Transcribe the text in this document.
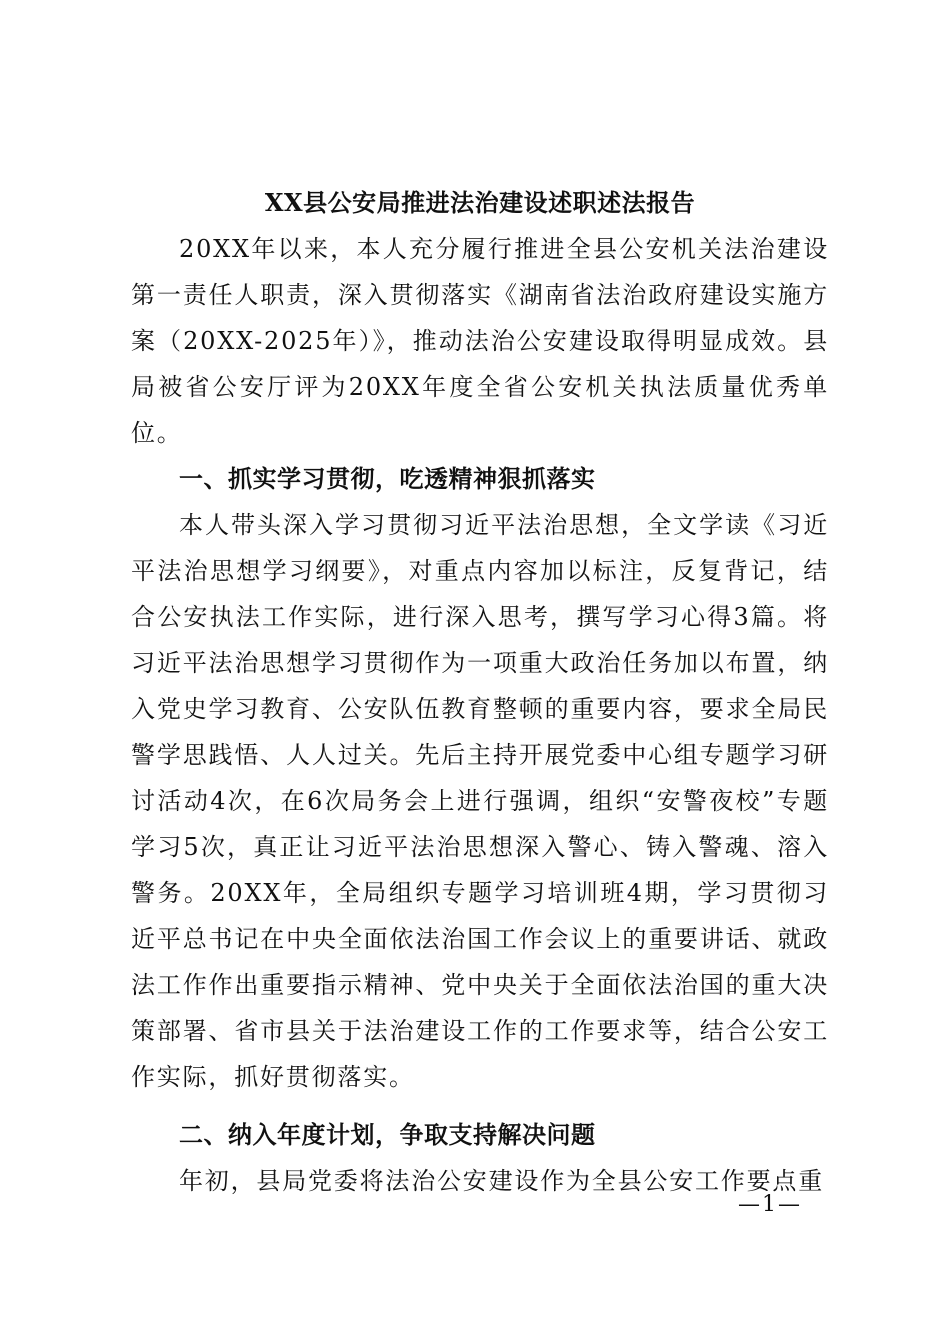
XX县公安局推进法治建设述职述法报告

20XX年以来，本人充分履行推进全县公安机关法治建设第一责任人职责，深入贯彻落实《湖南省法治政府建设实施方案（20XX-2025年）》，推动法治公安建设取得明显成效。县局被省公安厅评为20XX年度全省公安机关执法质量优秀单位。

一、抓实学习贯彻，吃透精神狠抓落实

本人带头深入学习贯彻习近平法治思想，全文学读《习近平法治思想学习纲要》，对重点内容加以标注，反复背记，结合公安执法工作实际，进行深入思考，撰写学习心得3篇。将习近平法治思想学习贯彻作为一项重大政治任务加以布置，纳入党史学习教育、公安队伍教育整顿的重要内容，要求全局民警学思践悟、人人过关。先后主持开展党委中心组专题学习研讨活动4次，在6次局务会上进行强调，组织“安警夜校”专题学习5次，真正让习近平法治思想深入警心、铸入警魂、溶入警务。20XX年，全局组织专题学习培训班4期，学习贯彻习近平总书记在中央全面依法治国工作会议上的重要讲话、就政法工作作出重要指示精神、党中央关于全面依法治国的重大决策部署、省市县关于法治建设工作的工作要求等，结合公安工作实际，抓好贯彻落实。

二、纳入年度计划，争取支持解决问题

年初，县局党委将法治公安建设作为全县公安工作要点重

—1—
